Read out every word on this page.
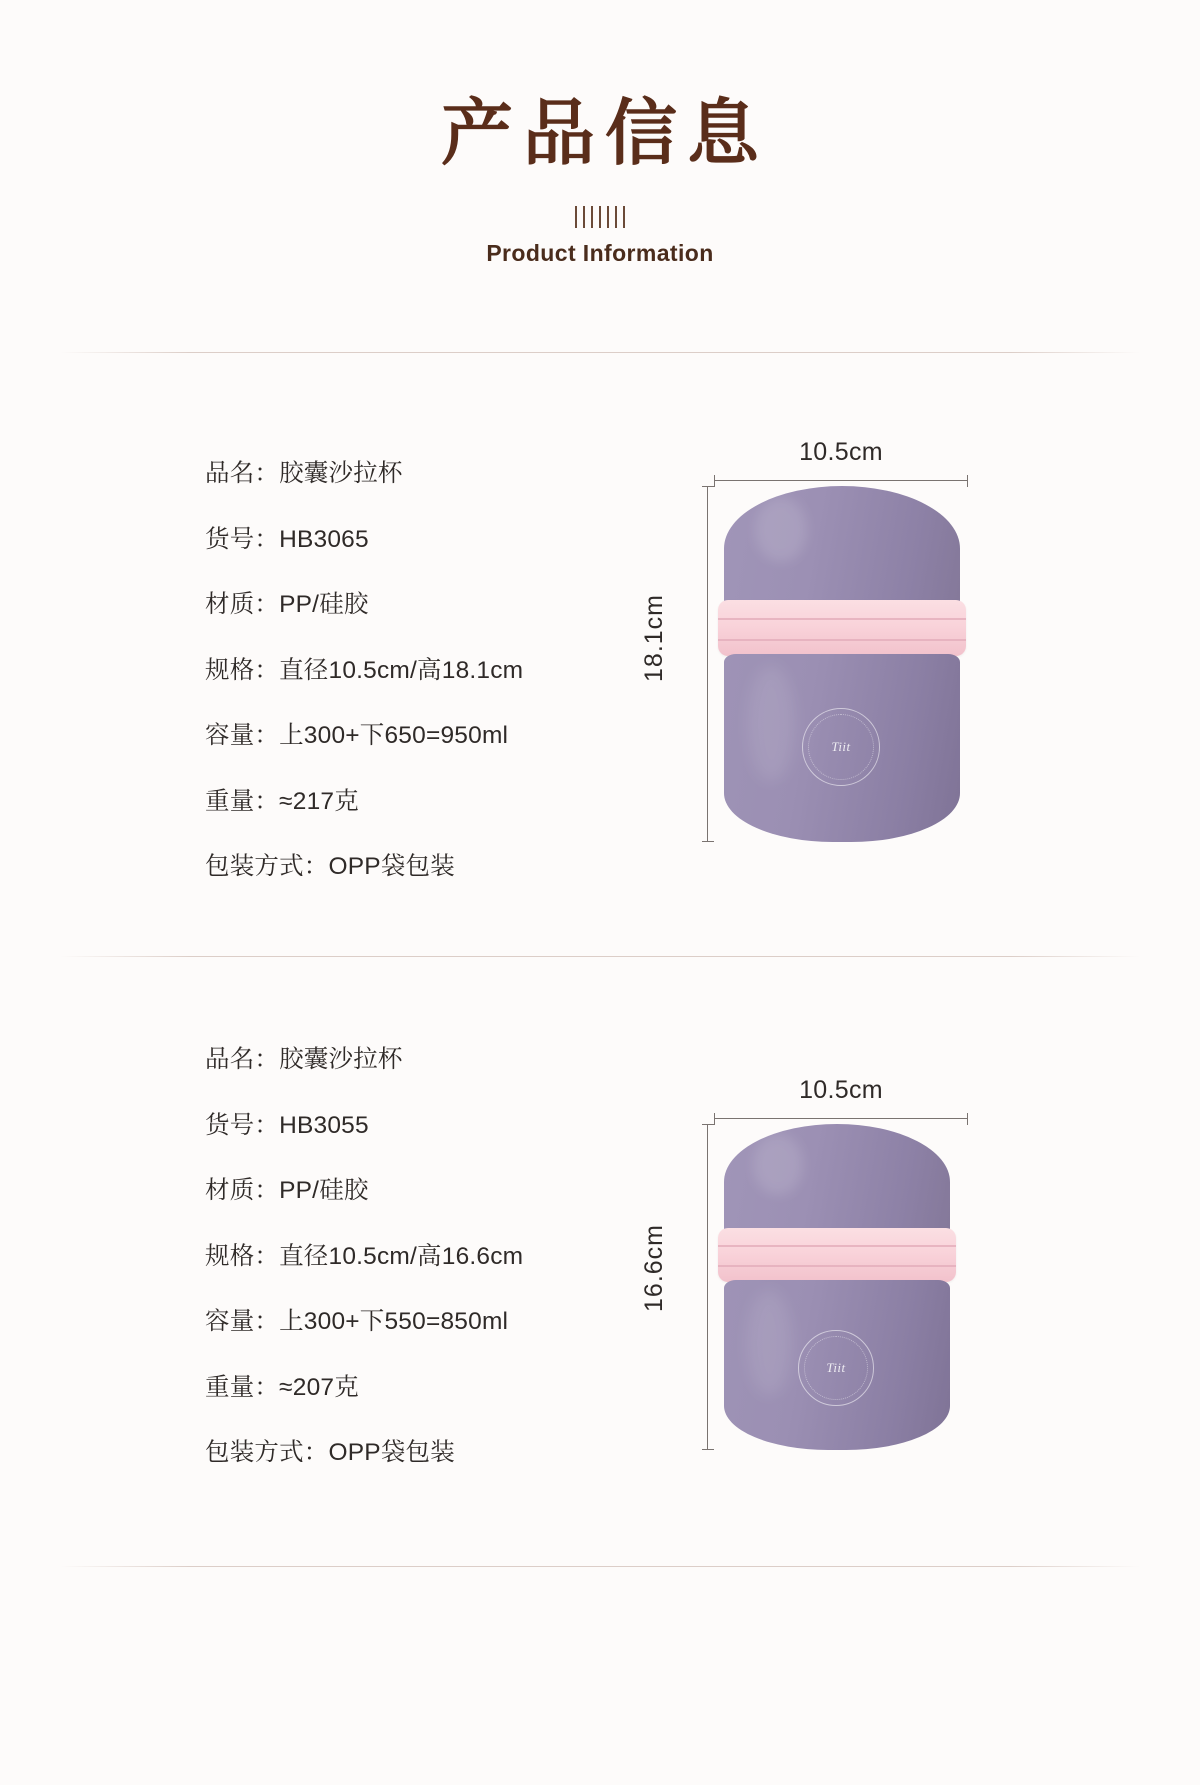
产品信息
Product Information

品名：胶囊沙拉杯

货号：HB3065

材质：PP/硅胶

规格：直径10.5cm/高18.1cm

容量：上300+下650=950ml

重量：≈217克

包装方式：OPP袋包装

10.5cm
18.1cm
Tiit

品名：胶囊沙拉杯

货号：HB3055

材质：PP/硅胶

规格：直径10.5cm/高16.6cm

容量：上300+下550=850ml

重量：≈207克

包装方式：OPP袋包装

10.5cm
16.6cm
Tiit
